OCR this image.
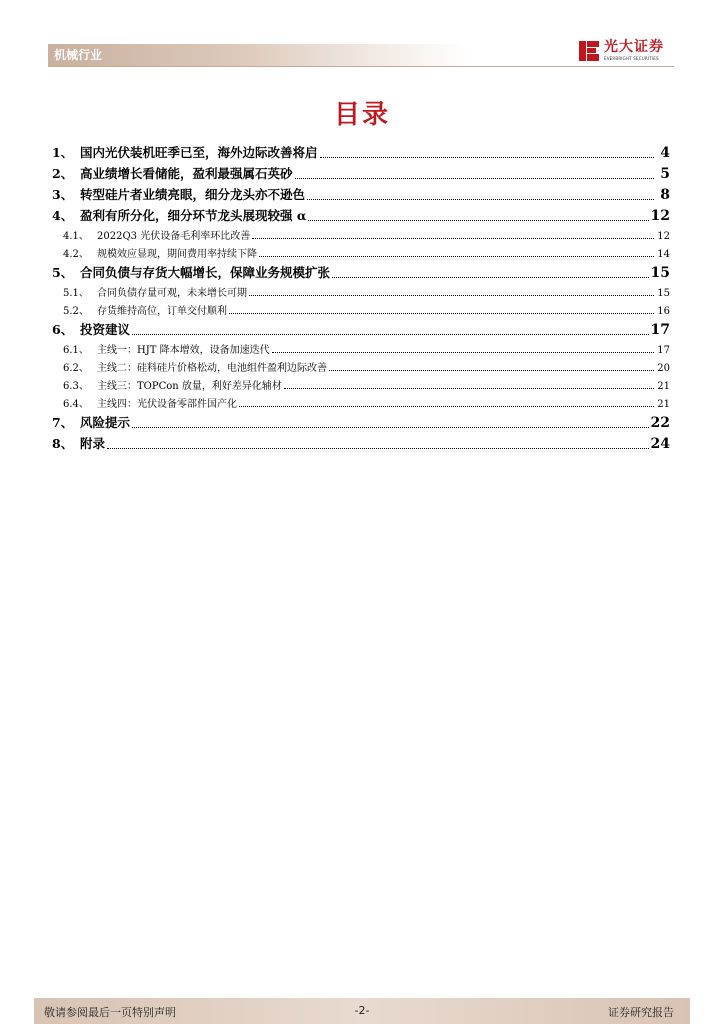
机械行业	光大证券
EVERBRIGHT SECURITIES
目录
1、 国内光伏装机旺季已至，海外边际改善将启	4
2、 高业绩增长看储能，盈利最强属石英砂	5
3、 转型硅片者业绩亮眼，细分龙头亦不逊色	8
4、 盈利有所分化，细分环节龙头展现较强 α	12
4.1、 2022Q3 光伏设备毛利率环比改善	12
4.2、 规模效应显现，期间费用率持续下降	14
5、 合同负债与存货大幅增长，保障业务规模扩张	15
5.1、 合同负债存量可观，未来增长可期	15
5.2、 存货维持高位，订单交付顺利	16
6、 投资建议	17
6.1、 主线一：HJT 降本增效，设备加速迭代	17
6.2、 主线二：硅料硅片价格松动，电池组件盈利边际改善	20
6.3、 主线三：TOPCon 放量，利好差异化辅材	21
6.4、 主线四：光伏设备零部件国产化	21
7、 风险提示	22
8、 附录	24
敬请参阅最后一页特别声明	-2-	证券研究报告
